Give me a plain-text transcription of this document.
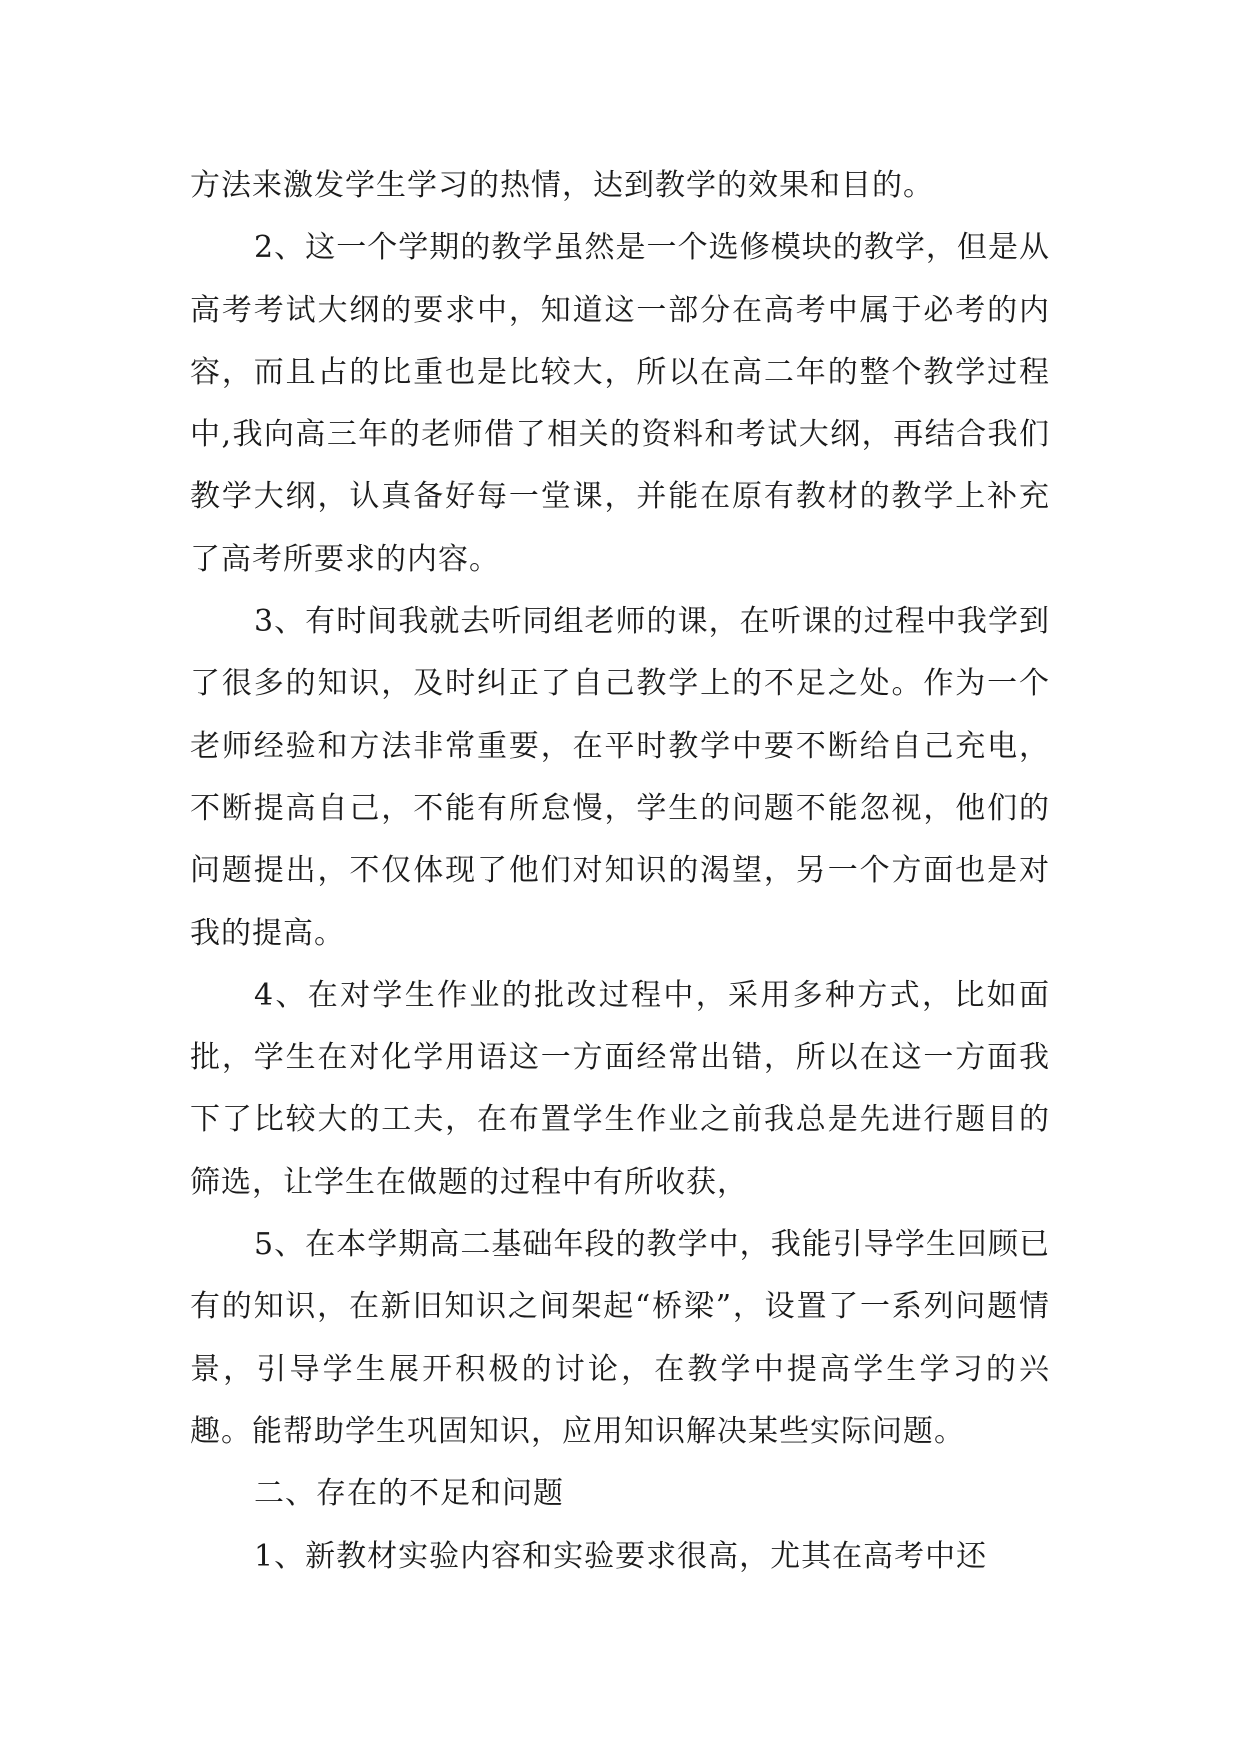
方法来激发学生学习的热情，达到教学的效果和目的。

2、这一个学期的教学虽然是一个选修模块的教学，但是从高考考试大纲的要求中，知道这一部分在高考中属于必考的内容，而且占的比重也是比较大，所以在高二年的整个教学过程中,我向高三年的老师借了相关的资料和考试大纲，再结合我们教学大纲，认真备好每一堂课，并能在原有教材的教学上补充了高考所要求的内容。

3、有时间我就去听同组老师的课，在听课的过程中我学到了很多的知识，及时纠正了自己教学上的不足之处。作为一个老师经验和方法非常重要，在平时教学中要不断给自己充电，不断提高自己，不能有所怠慢，学生的问题不能忽视，他们的问题提出，不仅体现了他们对知识的渴望，另一个方面也是对我的提高。

4、在对学生作业的批改过程中，采用多种方式，比如面批，学生在对化学用语这一方面经常出错，所以在这一方面我下了比较大的工夫，在布置学生作业之前我总是先进行题目的筛选，让学生在做题的过程中有所收获，

5、在本学期高二基础年段的教学中，我能引导学生回顾已有的知识，在新旧知识之间架起“桥梁”，设置了一系列问题情景，引导学生展开积极的讨论，在教学中提高学生学习的兴趣。能帮助学生巩固知识，应用知识解决某些实际问题。

二、存在的不足和问题

1、新教材实验内容和实验要求很高，尤其在高考中还
